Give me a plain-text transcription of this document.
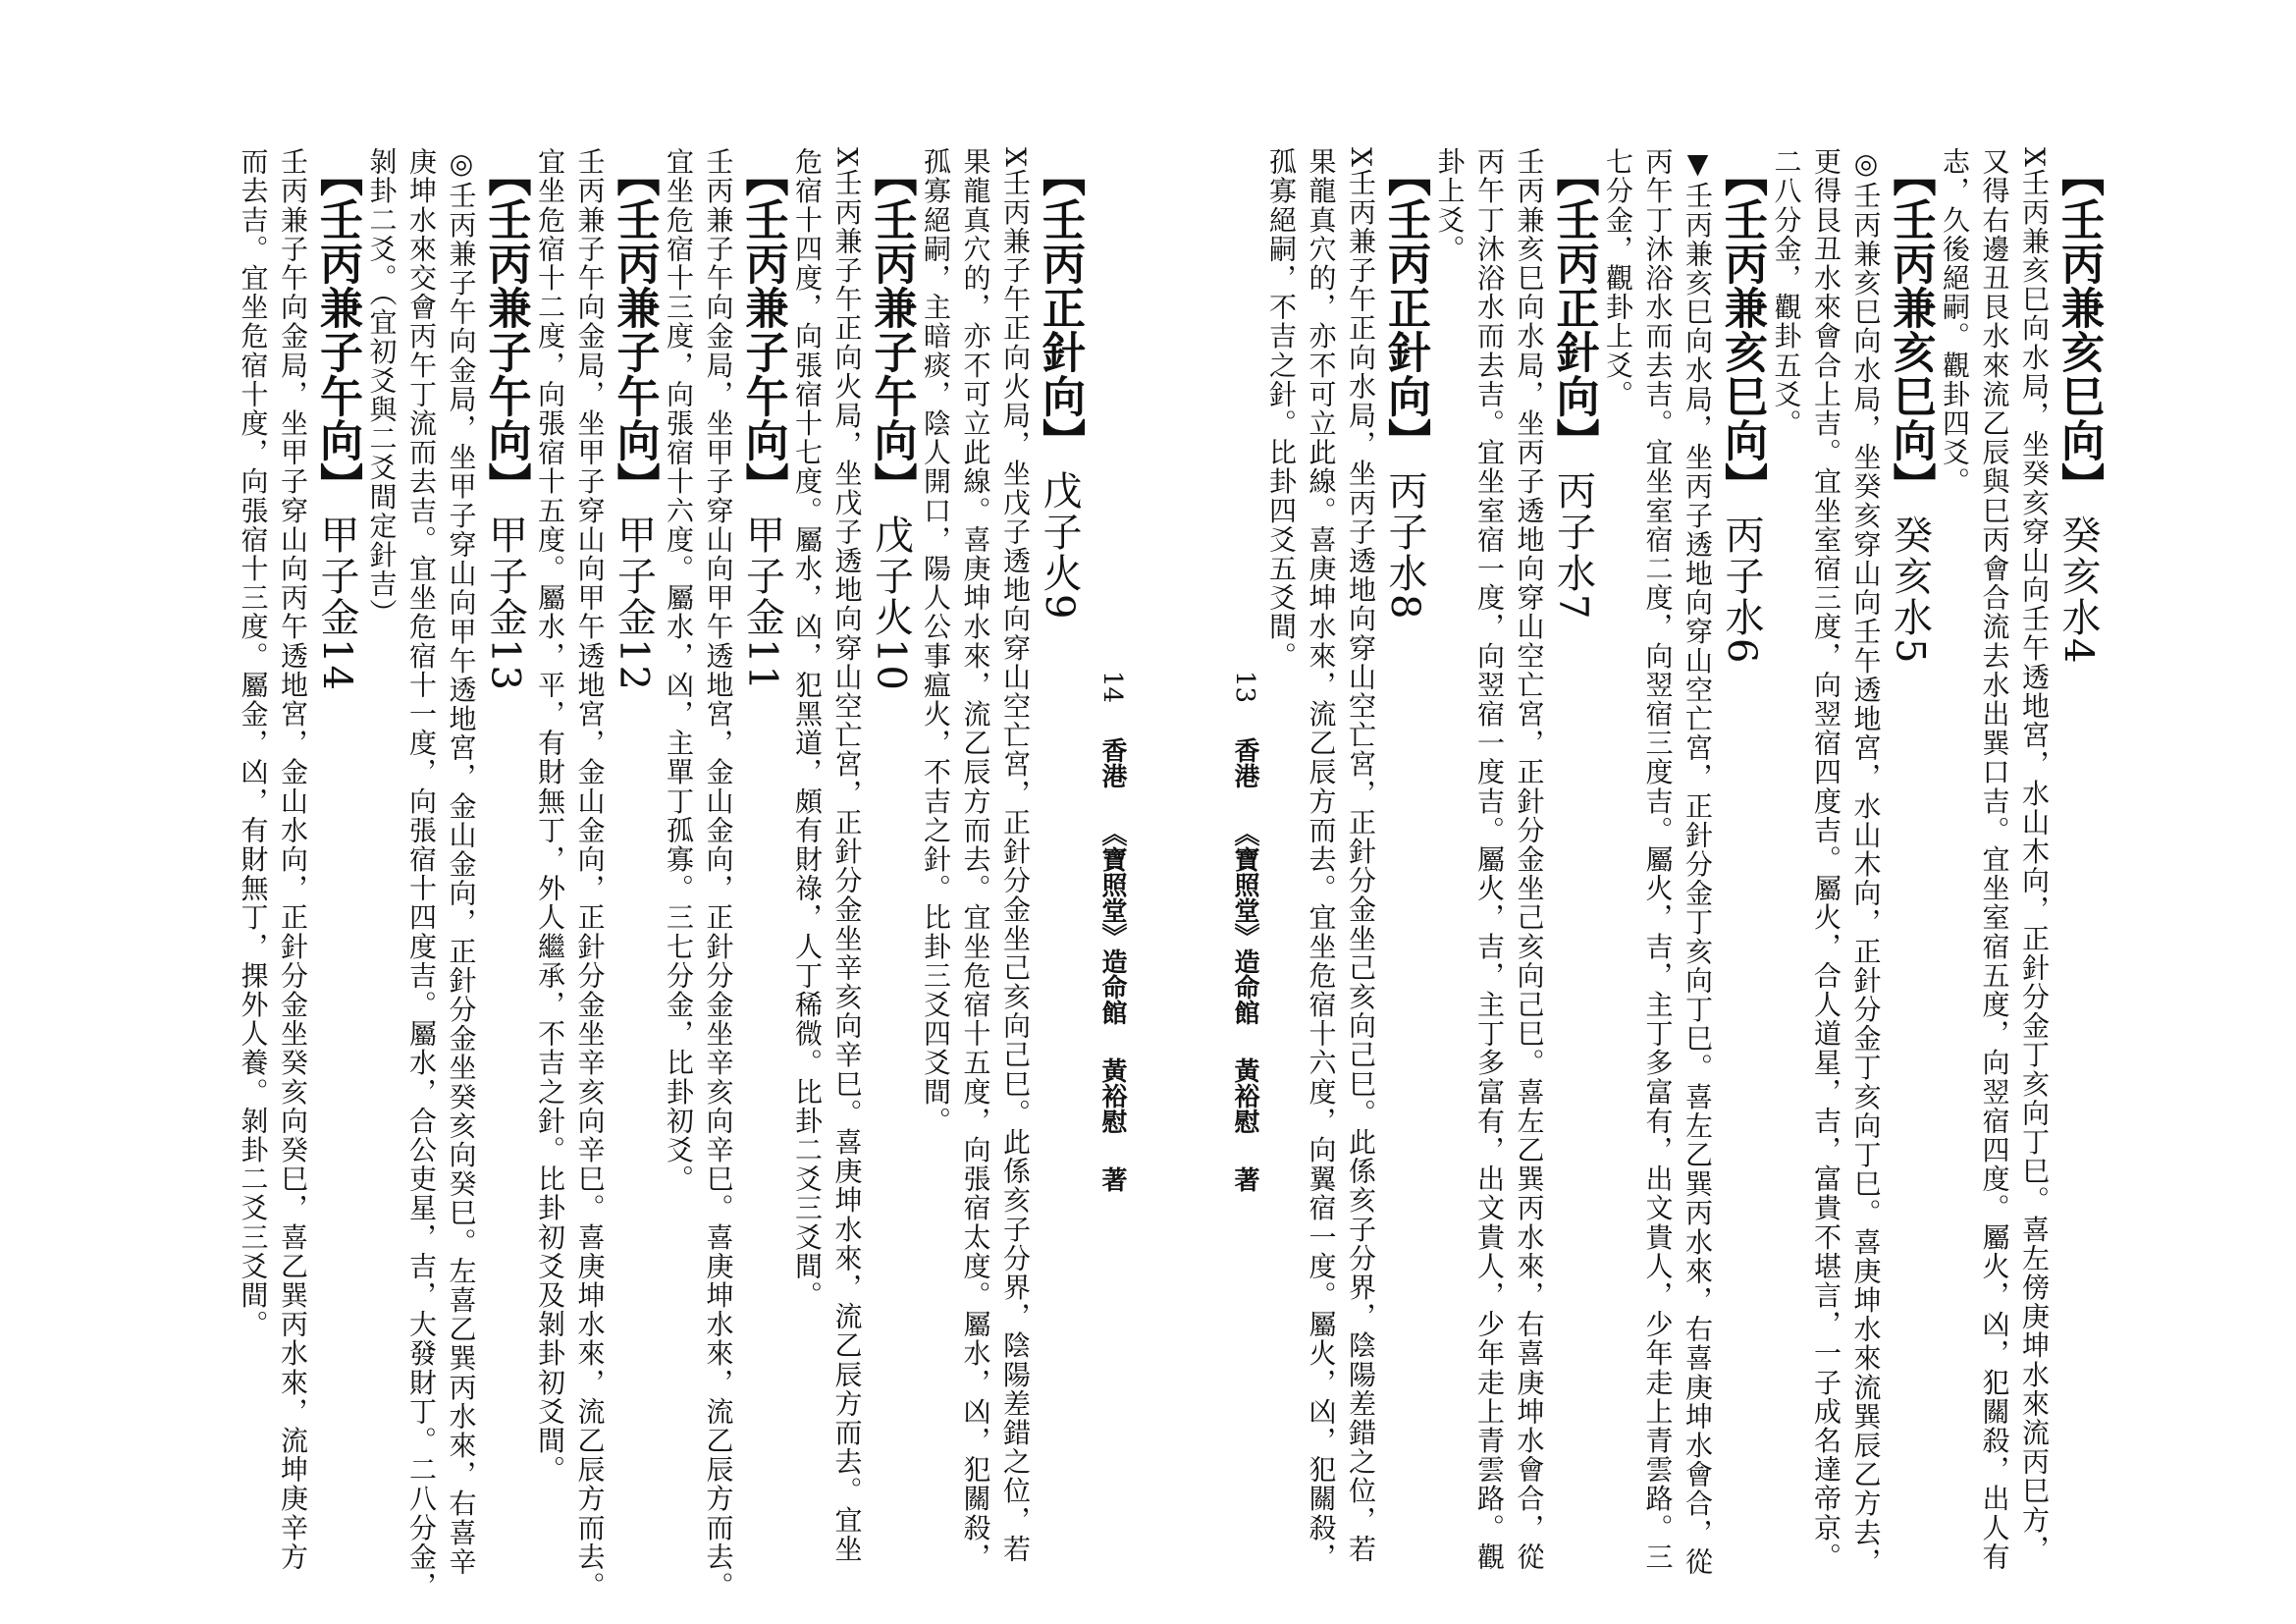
【壬丙兼亥巳向】癸亥水4
X壬丙兼亥巳向水局，坐癸亥穿山向壬午透地宮，水山木向，正針分金丁亥向丁巳。喜左傍庚坤水來流丙巳方，
又得右邊丑艮水來流乙辰與巳丙會合流去水出巽口吉。宜坐室宿五度，向翌宿四度。屬火，凶，犯關殺，出人有
志，久後絕嗣。觀卦四爻。
【壬丙兼亥巳向】癸亥水5
◎壬丙兼亥巳向水局，坐癸亥穿山向壬午透地宮，水山木向，正針分金丁亥向丁巳。喜庚坤水來流巽辰乙方去，
更得艮丑水來會合上吉。宜坐室宿三度，向翌宿四度吉。屬火，合人道星，吉，富貴不堪言，一子成名達帝京。
二八分金，觀卦五爻。
【壬丙兼亥巳向】丙子水6
▼壬丙兼亥巳向水局，坐丙子透地向穿山空亡宮，正針分金丁亥向丁巳。喜左乙巽丙水來，右喜庚坤水會合，從
丙午丁沐浴水而去吉。宜坐室宿二度，向翌宿三度吉。屬火，吉，主丁多富有，出文貴人，少年走上青雲路。三
七分金，觀卦上爻。
【壬丙正針向】丙子水7
壬丙兼亥巳向水局，坐丙子透地向穿山空亡宮，正針分金坐己亥向己巳。喜左乙巽丙水來，右喜庚坤水會合，從
丙午丁沐浴水而去吉。宜坐室宿一度，向翌宿一度吉。屬火，吉，主丁多富有，出文貴人，少年走上青雲路。觀
卦上爻。
【壬丙正針向】丙子水8
X壬丙兼子午正向水局，坐丙子透地向穿山空亡宮，正針分金坐己亥向己巳。此係亥子分界，陰陽差錯之位，若
果龍真穴的，亦不可立此線。喜庚坤水來，流乙辰方而去。宜坐危宿十六度，向翼宿一度。屬火，凶，犯關殺，
孤寡絕嗣，不吉之針。比卦四爻五爻間。
【壬丙正針向】戊子火9
X壬丙兼子午正向火局，坐戊子透地向穿山空亡宮，正針分金坐己亥向己巳。此係亥子分界，陰陽差錯之位，若
果龍真穴的，亦不可立此線。喜庚坤水來，流乙辰方而去。宜坐危宿十五度，向張宿太度。屬水，凶，犯關殺，
孤寡絕嗣，主暗痰，陰人開口，陽人公事瘟火，不吉之針。比卦三爻四爻間。
【壬丙兼子午向】戊子火10
X壬丙兼子午正向火局，坐戊子透地向穿山空亡宮，正針分金坐辛亥向辛巳。喜庚坤水來，流乙辰方而去。宜坐
危宿十四度，向張宿十七度。屬水，凶，犯黑道，頗有財祿，人丁稀微。比卦二爻三爻間。
【壬丙兼子午向】甲子金11
壬丙兼子午向金局，坐甲子穿山向甲午透地宮，金山金向，正針分金坐辛亥向辛巳。喜庚坤水來，流乙辰方而去。
宜坐危宿十三度，向張宿十六度。屬水，凶，主單丁孤寡。三七分金，比卦初爻。
【壬丙兼子午向】甲子金12
壬丙兼子午向金局，坐甲子穿山向甲午透地宮，金山金向，正針分金坐辛亥向辛巳。喜庚坤水來，流乙辰方而去。
宜坐危宿十二度，向張宿十五度。屬水，平，有財無丁，外人繼承，不吉之針。比卦初爻及剝卦初爻間。
【壬丙兼子午向】甲子金13
◎壬丙兼子午向金局，坐甲子穿山向甲午透地宮，金山金向，正針分金坐癸亥向癸巳。左喜乙巽丙水來，右喜辛
庚坤水來交會丙午丁流而去吉。宜坐危宿十一度，向張宿十四度吉。屬水，合公吏星，吉，大發財丁。二八分金，
剝卦二爻。（宜初爻與二爻間定針吉）
【壬丙兼子午向】甲子金14
壬丙兼子午向金局，坐甲子穿山向丙午透地宮，金山水向，正針分金坐癸亥向癸巳，喜乙巽丙水來，流坤庚辛方
而去吉。宜坐危宿十度，向張宿十三度。屬金，凶，有財無丁，捰外人養。剝卦二爻三爻間。	13 香港 《寶照堂》造命館 黃裕慰 著
14 香港 《寶照堂》造命館 黃裕慰 著
